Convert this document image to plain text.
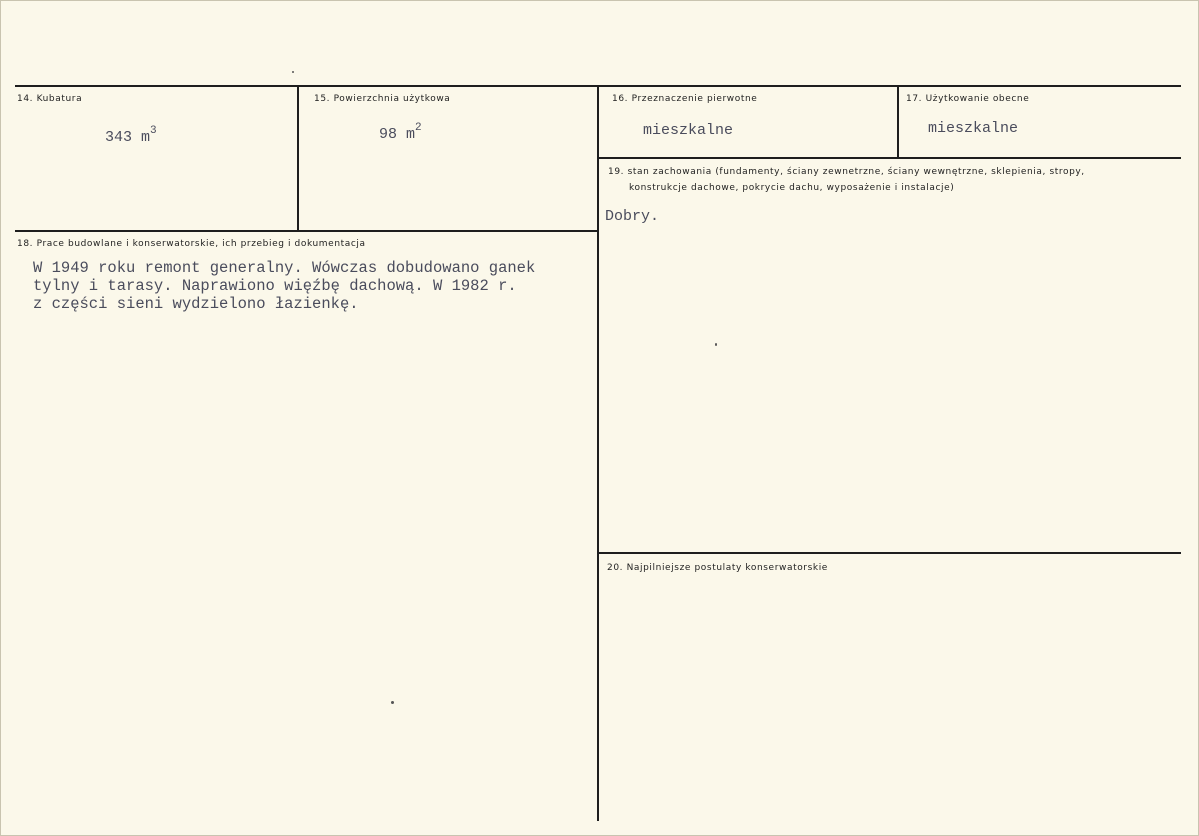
14. Kubatura
343 $m^3$
15. Powierzchnia użytkowa
98 $m^2$
16. Przeznaczenie pierwotne
mieszkalne
17. Użytkowanie obecne
mieszkalne
18. Prace budowlane i konserwatorskie, ich przebieg i dokumentacja
W 1949 roku remont generalny. Wówczas dobudowano ganek
tylny i tarasy. Naprawiono więźbę dachową. W 1982 r.
z części sieni wydzielono łazienkę.
19. stan zachowania (fundamenty, ściany zewnetrzne, ściany wewnętrzne, sklepienia, stropy,
konstrukcje dachowe, pokrycie dachu, wyposażenie i instalacje)
Dobry.
20. Najpilniejsze postulaty konserwatorskie
